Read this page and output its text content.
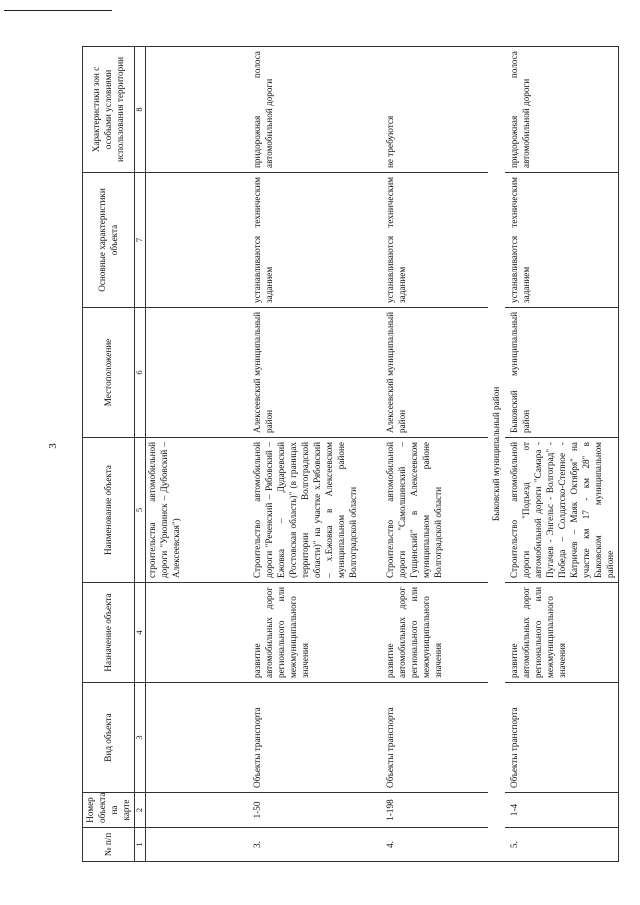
3
№ п/п	Номер объекта на карте	Вид объекта	Назначение объекта	Наименование объекта	Местоположение	Основные характеристики объекта	Характеристики зон с особыми условиями использования территории
1	2	3	4	5	6	7	8
				строительства автомобильной дороги "Урюпинск – Дубовский – Алексеевская")			
3.	1-50	Объекты транспорта	развитие автомобильных дорог регионального или межмуниципального значения	Строительство автомобильной дороги "Реченский – Рябовский – Ежовка – Дударевский (Ростовская область)" (в границах территории Волгоградской области)" на участке х.Рябовский – х.Ежовка в Алексеевском муниципальном районе Волгоградской области	Алексеевский муниципальный район	устанавливаются техническим заданием	придорожная полоса автомобильной дороги
4.	1-198	Объекты транспорта	развитие автомобильных дорог регионального или межмуниципального значения	Строительство автомобильной дороги "Самолшинский – Гущинский" в Алексеевском муниципальном районе Волгоградской области	Алексеевский муниципальный район	устанавливаются техническим заданием	не требуются
Быковский муниципальный район							
5.	1-4	Объекты транспорта	развитие автомобильных дорог регионального или межмуниципального значения	Строительство автомобильной дороги "Подъезд от автомобильной дороги "Самара - Пугачев - Энгельс - Волгоград" - Победа – Солдатско-Степное - Катричев – Маяк Октября" на участке км 17 - км 28" в Быковском муниципальном районе	Быковский муниципальный район	устанавливаются техническим заданием	придорожная полоса автомобильной дороги
